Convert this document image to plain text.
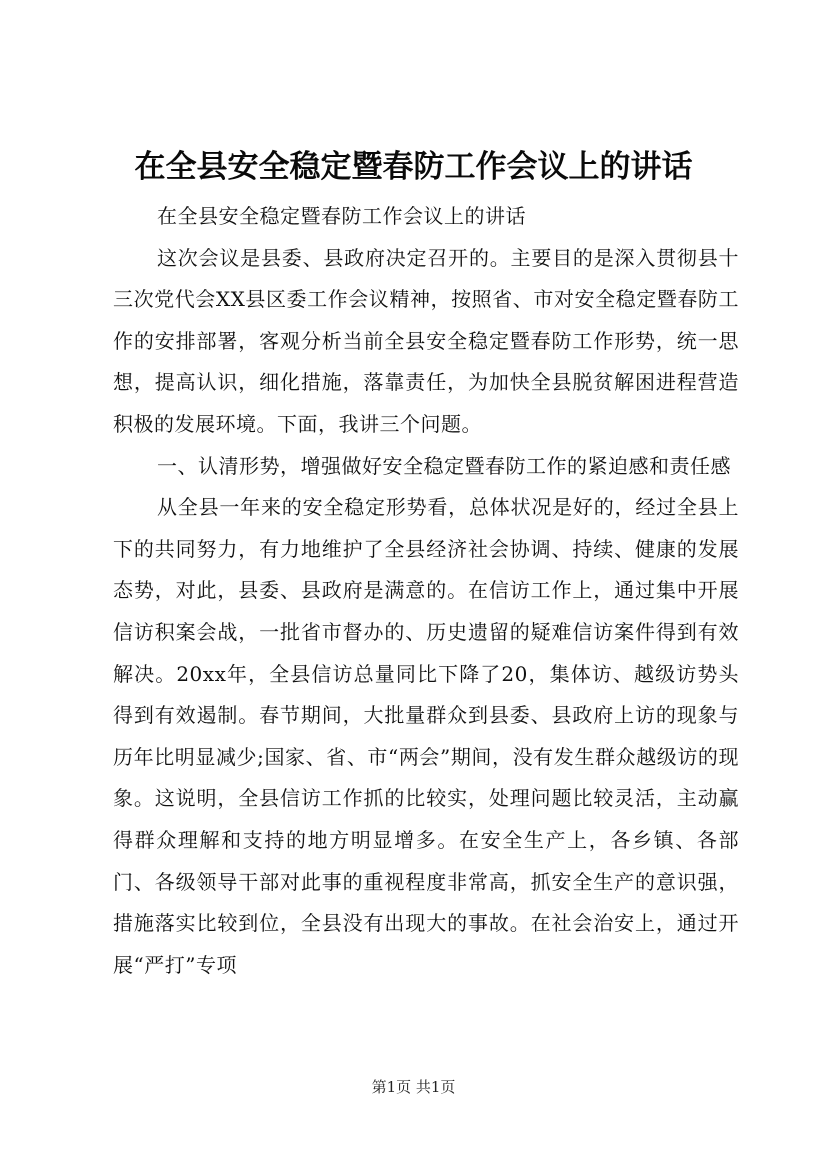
在全县安全稳定暨春防工作会议上的讲话

在全县安全稳定暨春防工作会议上的讲话

这次会议是县委、县政府决定召开的。主要目的是深入贯彻县十三次党代会XX县区委工作会议精神，按照省、市对安全稳定暨春防工作的安排部署，客观分析当前全县安全稳定暨春防工作形势，统一思想，提高认识，细化措施，落靠责任，为加快全县脱贫解困进程营造积极的发展环境。下面，我讲三个问题。

一、认清形势，增强做好安全稳定暨春防工作的紧迫感和责任感

从全县一年来的安全稳定形势看，总体状况是好的，经过全县上下的共同努力，有力地维护了全县经济社会协调、持续、健康的发展态势，对此，县委、县政府是满意的。在信访工作上，通过集中开展信访积案会战，一批省市督办的、历史遗留的疑难信访案件得到有效解决。20xx年，全县信访总量同比下降了20，集体访、越级访势头得到有效遏制。春节期间，大批量群众到县委、县政府上访的现象与历年比明显减少;国家、省、市“两会”期间，没有发生群众越级访的现象。这说明，全县信访工作抓的比较实，处理问题比较灵活，主动赢得群众理解和支持的地方明显增多。在安全生产上，各乡镇、各部门、各级领导干部对此事的重视程度非常高，抓安全生产的意识强，措施落实比较到位，全县没有出现大的事故。在社会治安上，通过开展“严打”专项

第1页 共1页
